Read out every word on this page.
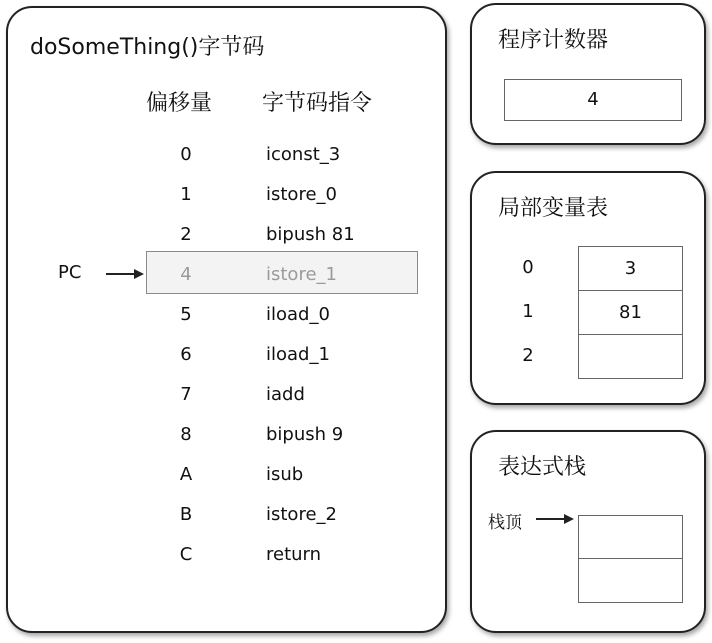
doSomeThing()字节码
偏移量 字节码指令
0	iconst_3
1	istore_0
2	bipush 81
4	istore_1
5	iload_0
6	iload_1
7	iadd
8	bipush 9
A	isub
B	istore_2
C	return
PC
程序计数器
4
局部变量表
0	3
1	81
2
表达式栈
栈顶
